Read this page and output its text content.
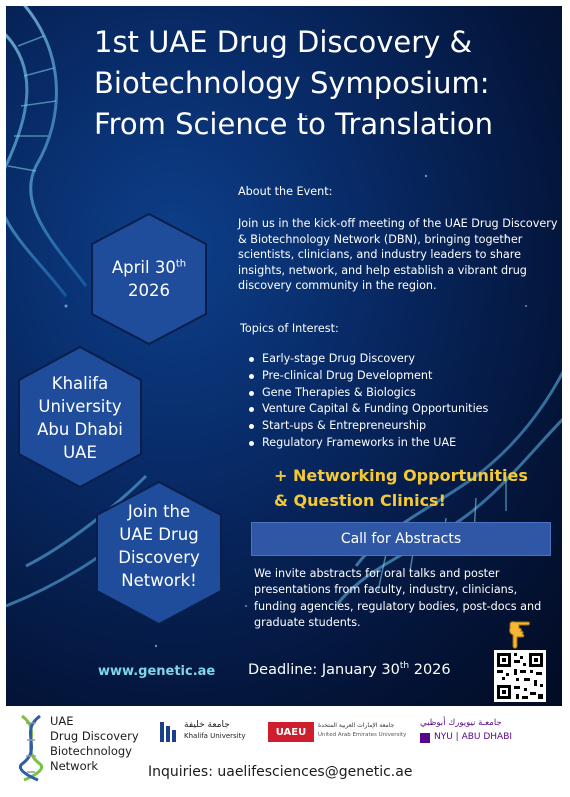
1st UAE Drug Discovery &
Biotechnology Symposium:
From Science to Translation
April 30th
2026
Khalifa
University
Abu Dhabi
UAE
Join the
UAE Drug
Discovery
Network!
About the Event:
Join us in the kick-off meeting of the UAE Drug Discovery & Biotechnology Network (DBN), bringing together scientists, clinicians, and industry leaders to share insights, network, and help establish a vibrant drug discovery community in the region.
Topics of Interest:
Early-stage Drug Discovery
Pre-clinical Drug Development
Gene Therapies & Biologics
Venture Capital & Funding Opportunities
Start-ups & Entrepreneurship
Regulatory Frameworks in the UAE
+ Networking Opportunities
& Question Clinics!
Call for Abstracts
We invite abstracts for oral talks and poster presentations from faculty, industry, clinicians, funding agencies, regulatory bodies, post-docs and graduate students.
www.genetic.ae Deadline: January 30th 2026
UAE
Drug Discovery
Biotechnology
Network
جامعة خليفة
Khalifa University	UAEU
جامعة الإمارات العربية المتحدة
United Arab Emirates University
جامعـة نيويورك أبوظبي
NYU | ABU DHABI
Inquiries: uaelifesciences@genetic.ae
